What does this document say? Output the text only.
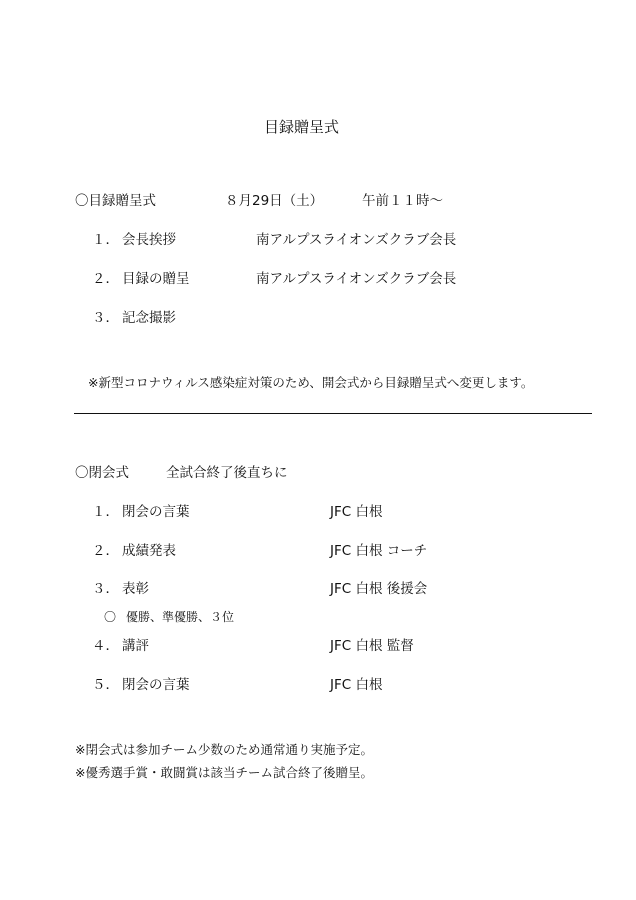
目録贈呈式
〇目録贈呈式	８月29日（土）	午前１１時～
１． 会長挨拶	南アルプスライオンズクラブ会長
２． 目録の贈呈	南アルプスライオンズクラブ会長
３． 記念撮影
※新型コロナウィルス感染症対策のため、開会式から目録贈呈式へ変更します。
〇閉会式	全試合終了後直ちに
１． 閉会の言葉	JFC 白根
２． 成績発表	JFC 白根 コーチ
３． 表彰	JFC 白根 後援会
〇 優勝、準優勝、３位
４． 講評	JFC 白根 監督
５． 閉会の言葉	JFC 白根
※閉会式は参加チーム少数のため通常通り実施予定。
※優秀選手賞・敢闘賞は該当チーム試合終了後贈呈。
